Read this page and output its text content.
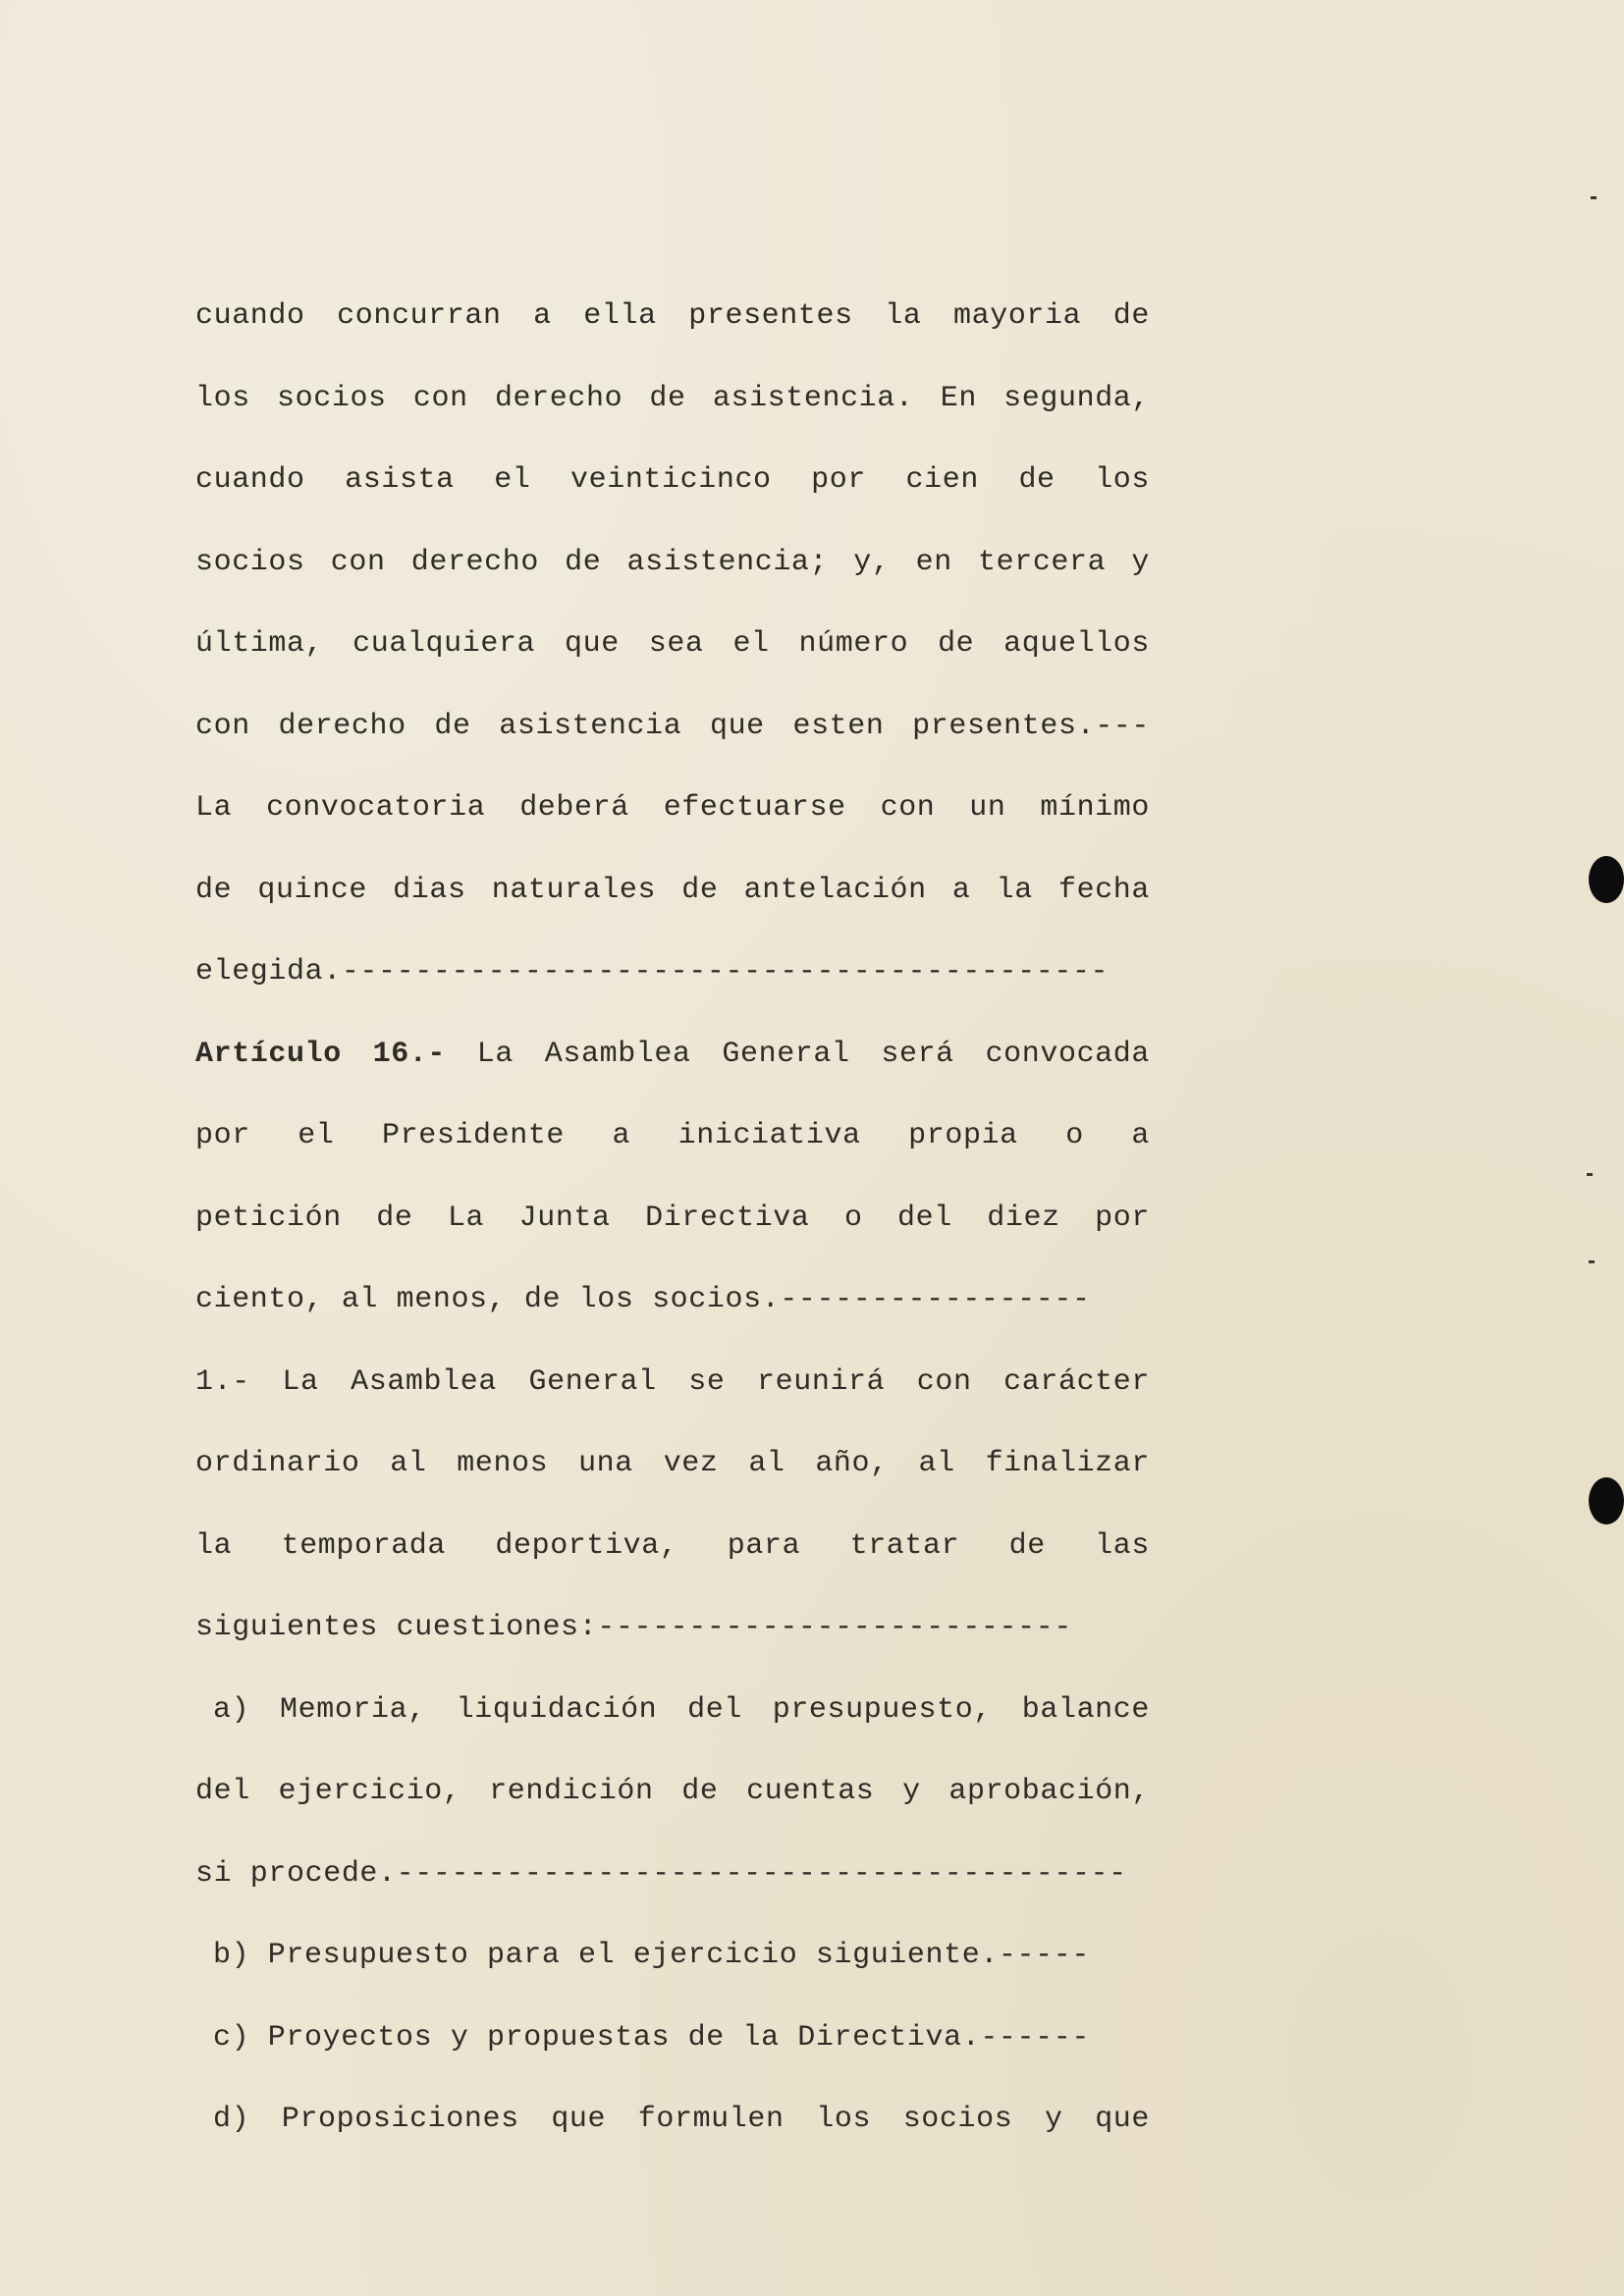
cuando concurran a ella presentes la mayoria de
los socios con derecho de asistencia. En segunda,
cuando asista el veinticinco por cien de los
socios con derecho de asistencia; y, en tercera y
última, cualquiera que sea el número de aquellos
con derecho de asistencia que esten presentes.---
La convocatoria deberá efectuarse con un mínimo
de quince dias naturales de antelación a la fecha
elegida.------------------------------------------
Artículo 16.- La Asamblea General será convocada
por el Presidente a iniciativa propia o a
petición de La Junta Directiva o del diez por
ciento, al menos, de los socios.-----------------
1.- La Asamblea General se reunirá con carácter
ordinario al menos una vez al año, al finalizar
la temporada deportiva, para tratar de las
siguientes cuestiones:--------------------------
a) Memoria, liquidación del presupuesto, balance
del ejercicio, rendición de cuentas y aprobación,
si procede.----------------------------------------
b) Presupuesto para el ejercicio siguiente.-----
c) Proyectos y propuestas de la Directiva.------
d) Proposiciones que formulen los socios y que
